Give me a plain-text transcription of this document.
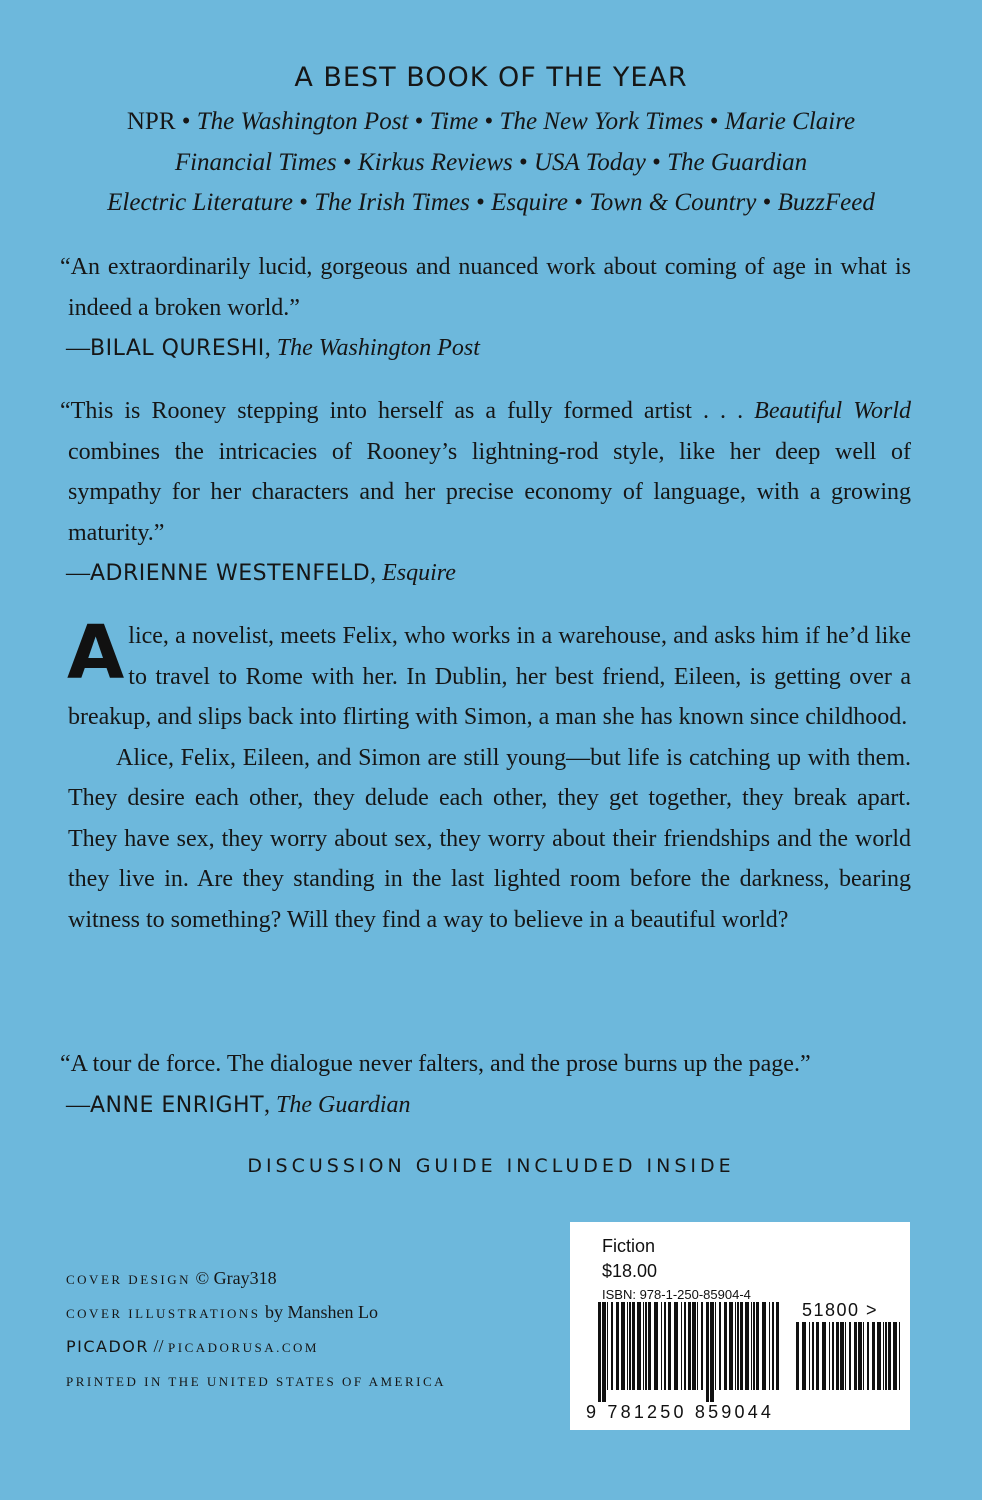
A BEST BOOK OF THE YEAR
NPR • The Washington Post • Time • The New York Times • Marie Claire
Financial Times • Kirkus Reviews • USA Today • The Guardian
Electric Literature • The Irish Times • Esquire • Town & Country • BuzzFeed

“An extraordinarily lucid, gorgeous and nuanced work about coming of age in what is indeed a broken world.”

—BILAL QURESHI, The Washington Post

“This is Rooney stepping into herself as a fully formed artist . . . Beautiful World combines the intricacies of Rooney’s lightning-rod style, like her deep well of sympathy for her characters and her precise economy of language, with a growing maturity.”

—ADRIENNE WESTENFELD, Esquire

Alice, a novelist, meets Felix, who works in a warehouse, and asks him if he’d like to travel to Rome with her. In Dublin, her best friend, Eileen, is getting over a breakup, and slips back into flirting with Simon, a man she has known since childhood.

Alice, Felix, Eileen, and Simon are still young—but life is catching up with them. They desire each other, they delude each other, they get together, they break apart. They have sex, they worry about sex, they worry about their friendships and the world they live in. Are they standing in the last lighted room before the darkness, bearing witness to something? Will they find a way to believe in a beautiful world?

“A tour de force. The dialogue never falters, and the prose burns up the page.”

—ANNE ENRIGHT, The Guardian
DISCUSSION GUIDE INCLUDED INSIDE
COVER DESIGN © Gray318
COVER ILLUSTRATIONS by Manshen Lo
PICADOR // PICADORUSA.COM
PRINTED IN THE UNITED STATES OF AMERICA
Fiction
$18.00
ISBN: 978-1-250-85904-4
51800 >
9 781250 859044
